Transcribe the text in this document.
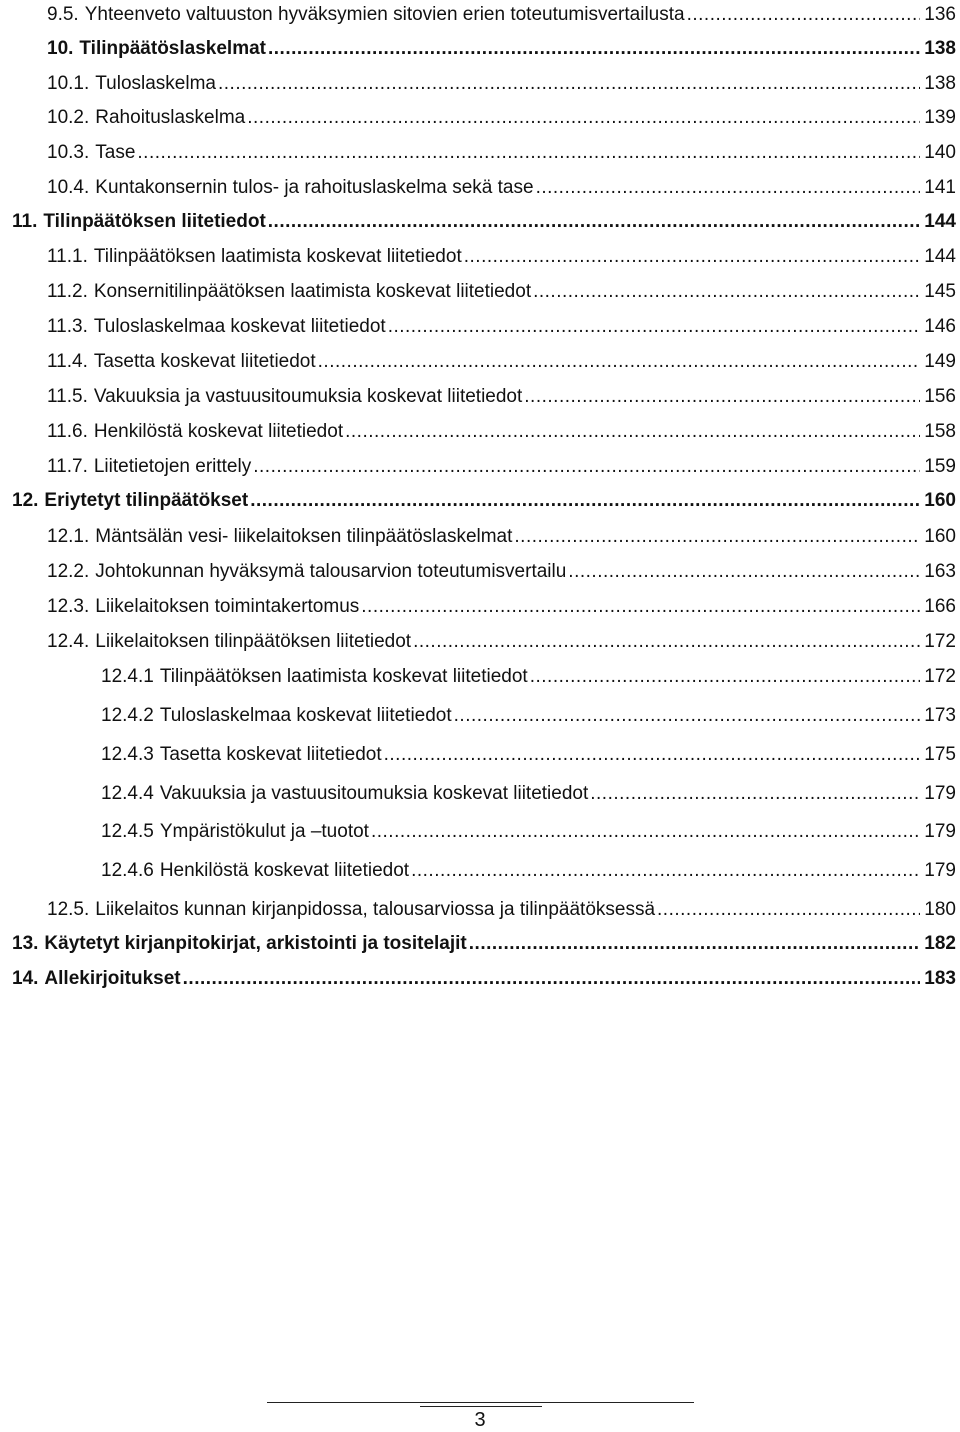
9.5. Yhteenveto valtuuston hyväksymien sitovien erien toteutumisvertailusta .....	136
10. Tilinpäätöslaskelmat .....	138
10.1. Tuloslaskelma .....	138
10.2. Rahoituslaskelma .....	139
10.3. Tase .....	140
10.4. Kuntakonsernin tulos- ja rahoituslaskelma sekä tase .....	141
11. Tilinpäätöksen liitetiedot .....	144
11.1. Tilinpäätöksen laatimista koskevat liitetiedot .....	144
11.2. Konsernitilinpäätöksen laatimista koskevat liitetiedot .....	145
11.3. Tuloslaskelmaa koskevat liitetiedot .....	146
11.4. Tasetta koskevat liitetiedot .....	149
11.5. Vakuuksia ja vastuusitoumuksia koskevat liitetiedot .....	156
11.6. Henkilöstä koskevat liitetiedot .....	158
11.7. Liitetietojen erittely .....	159
12. Eriytetyt tilinpäätökset .....	160
12.1. Mäntsälän vesi- liikelaitoksen tilinpäätöslaskelmat .....	160
12.2. Johtokunnan hyväksymä talousarvion toteutumisvertailu .....	163
12.3. Liikelaitoksen toimintakertomus .....	166
12.4. Liikelaitoksen tilinpäätöksen liitetiedot .....	172
12.4.1 Tilinpäätöksen laatimista koskevat liitetiedot .....	172
12.4.2 Tuloslaskelmaa koskevat liitetiedot .....	173
12.4.3 Tasetta koskevat liitetiedot .....	175
12.4.4 Vakuuksia ja vastuusitoumuksia koskevat liitetiedot .....	179
12.4.5 Ympäristökulut ja –tuotot .....	179
12.4.6 Henkilöstä koskevat liitetiedot .....	179
12.5. Liikelaitos kunnan kirjanpidossa, talousarviossa ja tilinpäätöksessä .....	180
13. Käytetyt kirjanpitokirjat, arkistointi ja tositelajit .....	182
14. Allekirjoitukset .....	183
3
